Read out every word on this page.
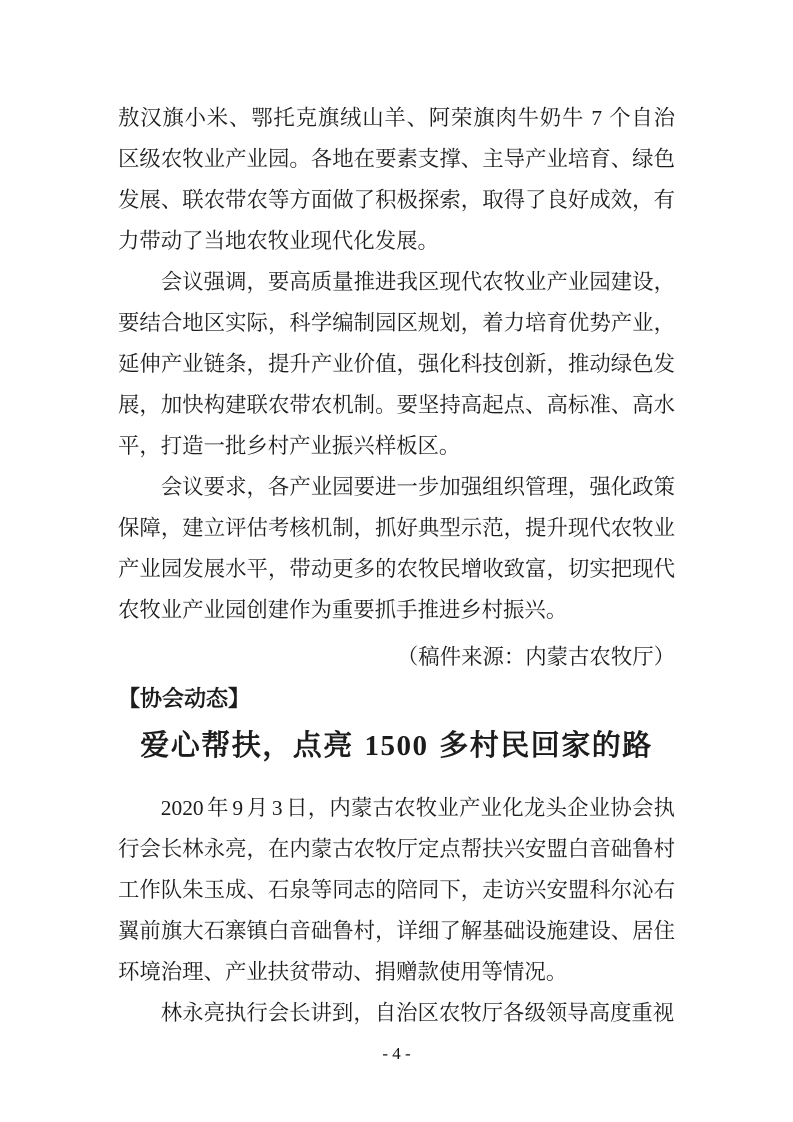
敖汉旗小米、鄂托克旗绒山羊、阿荣旗肉牛奶牛 7 个自治区级农牧业产业园。各地在要素支撑、主导产业培育、绿色发展、联农带农等方面做了积极探索，取得了良好成效，有力带动了当地农牧业现代化发展。

会议强调，要高质量推进我区现代农牧业产业园建设，要结合地区实际，科学编制园区规划，着力培育优势产业，延伸产业链条，提升产业价值，强化科技创新，推动绿色发展，加快构建联农带农机制。要坚持高起点、高标准、高水平，打造一批乡村产业振兴样板区。

会议要求，各产业园要进一步加强组织管理，强化政策保障，建立评估考核机制，抓好典型示范，提升现代农牧业产业园发展水平，带动更多的农牧民增收致富，切实把现代农牧业产业园创建作为重要抓手推进乡村振兴。

（稿件来源：内蒙古农牧厅）

【协会动态】
爱心帮扶，点亮 1500 多村民回家的路

2020 年 9 月 3 日，内蒙古农牧业产业化龙头企业协会执行会长林永亮，在内蒙古农牧厅定点帮扶兴安盟白音础鲁村工作队朱玉成、石泉等同志的陪同下，走访兴安盟科尔沁右翼前旗大石寨镇白音础鲁村，详细了解基础设施建设、居住环境治理、产业扶贫带动、捐赠款使用等情况。

林永亮执行会长讲到，自治区农牧厅各级领导高度重视

- 4 -
